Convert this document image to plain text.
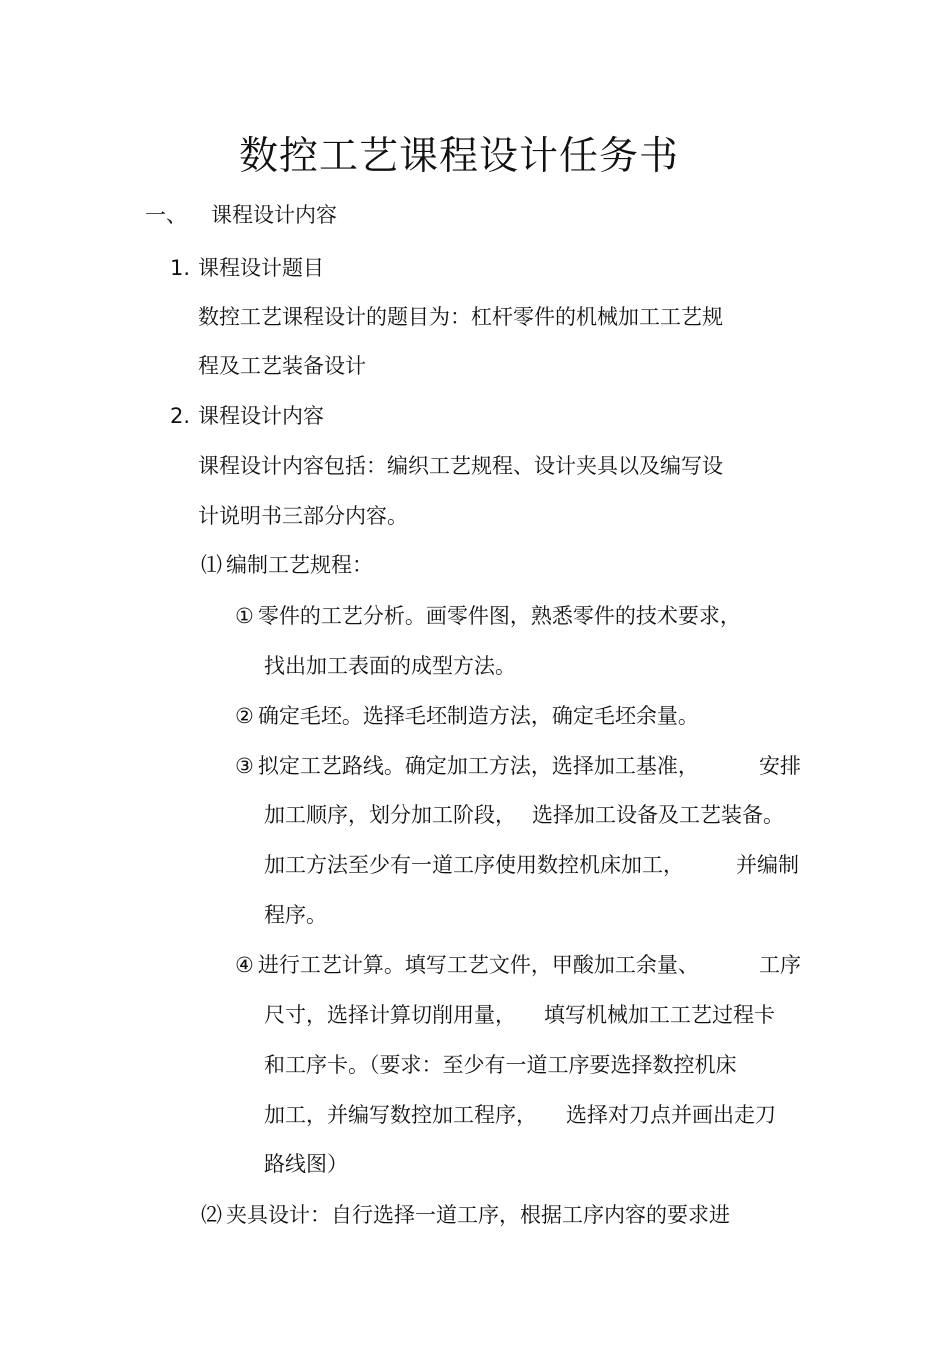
数控工艺课程设计任务书
一、 课程设计内容
1. 课程设计题目
数控工艺课程设计的题目为：杠杆零件的机械加工工艺规
程及工艺装备设计
2. 课程设计内容
课程设计内容包括：编织工艺规程、设计夹具以及编写设
计说明书三部分内容。
⑴ 编制工艺规程：
① 零件的工艺分析。画零件图，熟悉零件的技术要求，
找出加工表面的成型方法。
② 确定毛坯。选择毛坯制造方法，确定毛坯余量。
③ 拟定工艺路线。确定加工方法，选择加工基准，	安排
加工顺序，划分加工阶段， 选择加工设备及工艺装备。
加工方法至少有一道工序使用数控机床加工， 并编制
程序。
④ 进行工艺计算。填写工艺文件，甲酸加工余量、	工序
尺寸，选择计算切削用量， 填写机械加工工艺过程卡
和工序卡。（要求：至少有一道工序要选择数控机床
加工，并编写数控加工程序， 选择对刀点并画出走刀
路线图）
⑵ 夹具设计：自行选择一道工序，根据工序内容的要求进
